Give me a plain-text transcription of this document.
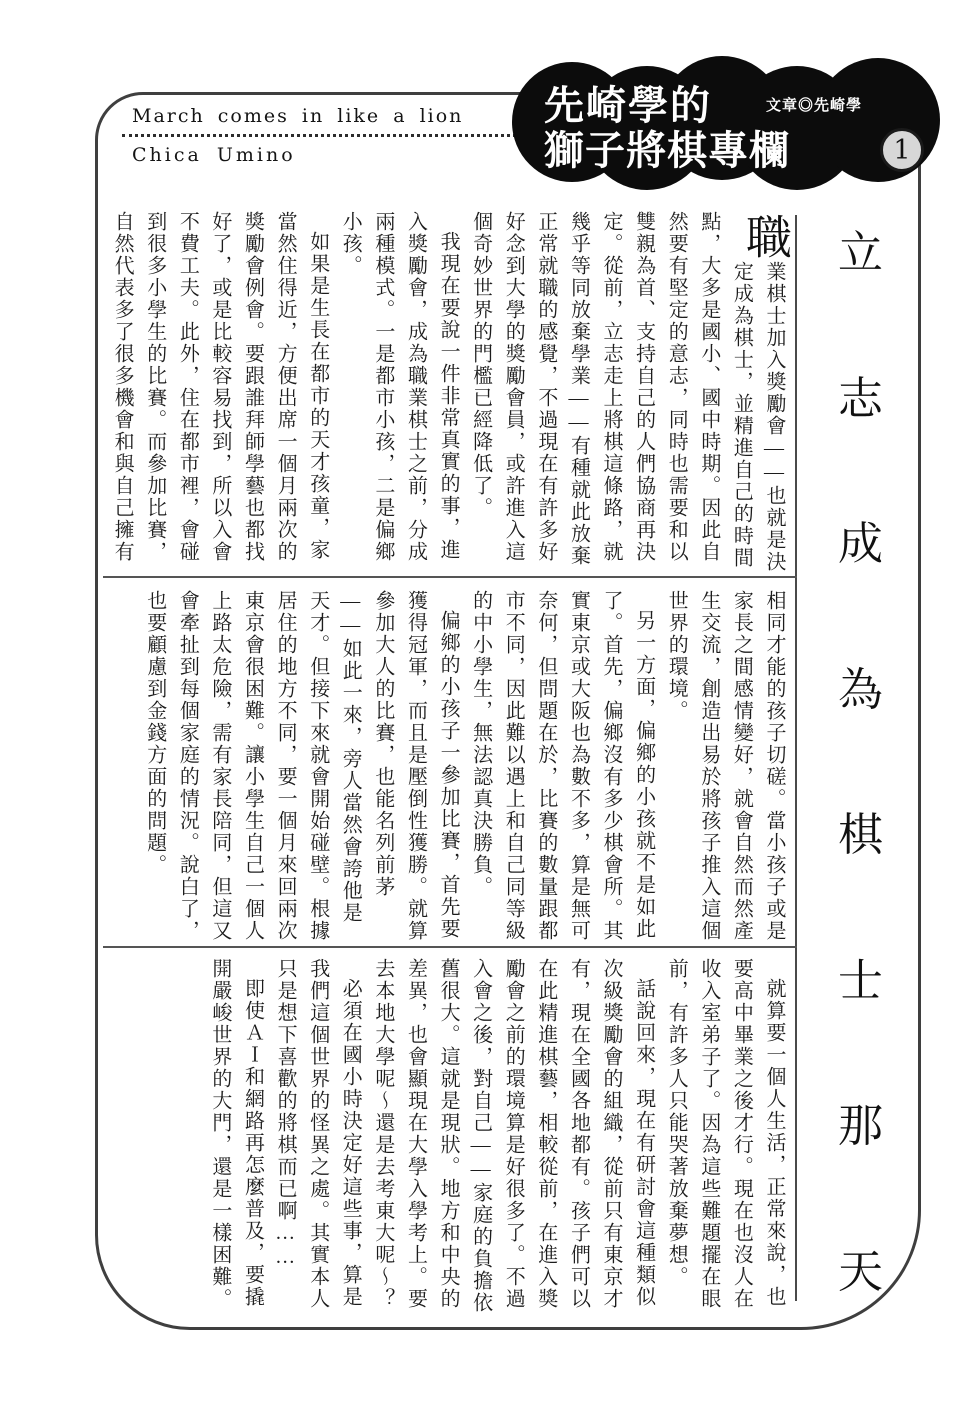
March comes in like a lion
Chica Umino
先崎學的	文章◎先崎學
獅子將棋專欄	1
立
志
成
為
棋
士
那
天

職
業棋士加入獎勵會——也就是決定成為棋士，並精進自己的時間點，大多是國小、國中時期。因此自然要有堅定的意志，同時也需要和以雙親為首、支持自己的人們協商再決定。從前，立志走上將棋這條路，就幾乎等同放棄學業——有種就此放棄正常就職的感覺，不過現在有許多好好念到大學的獎勵會員，或許進入這個奇妙世界的門檻已經降低了。

我現在要說一件非常真實的事，進入獎勵會，成為職業棋士之前，分成兩種模式。一是都市小孩，二是偏鄉小孩。

如果是生長在都市的天才孩童，家當然住得近，方便出席一個月兩次的獎勵會例會。要跟誰拜師學藝也都找好了，或是比較容易找到，所以入會不費工夫。此外，住在都市裡，會碰到很多小學生的比賽。而參加比賽，自然代表多了很多機會和與自己擁有

相同才能的孩子切磋。當小孩子或是家長之間感情變好，就會自然而然產生交流，創造出易於將孩子推入這個世界的環境。

另一方面，偏鄉的小孩就不是如此了。首先，偏鄉沒有多少棋會所。其實東京或大阪也為數不多，算是無可奈何，但問題在於，比賽的數量跟都市不同，因此難以遇上和自己同等級的中小學生，無法認真決勝負。

偏鄉的小孩子一參加比賽，首先要獲得冠軍，而且是壓倒性獲勝。就算參加大人的比賽，也能名列前茅——如此一來，旁人當然會誇他是天才。但接下來就會開始碰壁。根據居住的地方不同，要一個月來回兩次東京會很困難。讓小學生自己一個人上路太危險，需有家長陪同，但這又會牽扯到每個家庭的情況。說白了，也要顧慮到金錢方面的問題。

就算要一個人生活，正常來說，也要高中畢業之後才行。現在也沒人在收入室弟子了。因為這些難題擺在眼前，有許多人只能哭著放棄夢想。

話說回來，現在有研討會這種類似次級獎勵會的組織，從前只有東京才有，現在全國各地都有。孩子們可以在此精進棋藝，相較從前，在進入獎勵會之前的環境算是好很多了。不過入會之後，對自己——家庭的負擔依舊很大。這就是現狀。地方和中央的差異，也會顯現在大學入學考上。要去本地大學呢～還是去考東大呢～？

必須在國小時決定好這些事，算是我們這個世界的怪異之處。其實本人只是想下喜歡的將棋而已啊……

即使ＡＩ和網路再怎麼普及，要撬開嚴峻世界的大門，還是一樣困難。
